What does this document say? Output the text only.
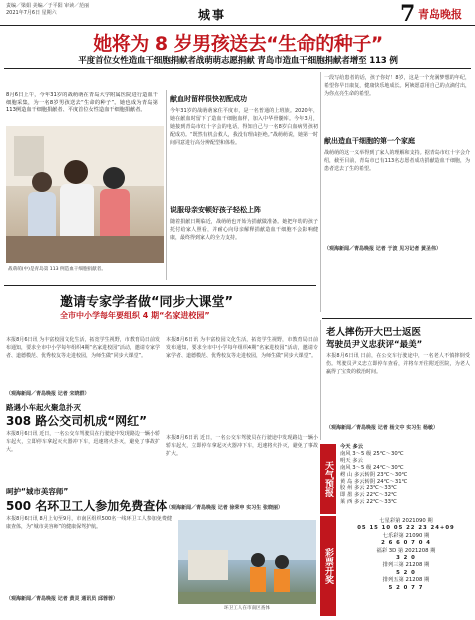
责编／梁娟 美编／于平阳 审读／范丽
2021年7月6日 星期六	城事	7 青岛晚报
她将为 8 岁男孩送去“生命的种子”
平度首位女性造血干细胞捐献者战萌萌志愿捐献 青岛市造血干细胞捐献者增至 113 例
8月6日上午，今年31岁的战萌萌在青岛大学附属医院进行造血干细胞采集，为一名8岁男孩送去“生命的种子”。她也成为青岛第113例造血干细胞捐献者、平度首位女性造血干细胞捐献者。
战萌萌(中)是青岛第 113 例造血干细胞捐献者。
献血时留样很快初配成功
今年31岁的战萌萌家住平度市，是一名普通的上班族。2020年，她在献血时留下了造血干细胞血样，加入中华骨髓库。今年3月，她接到青岛市红十字会的电话，得知自己与一名8岁白血病男孩初配成功。“既然有机会救人，我没有理由拒绝。”战萌萌说，她第一时间同意进行高分辨配型和体检。
说服母亲安顿好孩子轻松上阵
随着捐献日期临近，战萌萌也开始为捐献做准备。她把年幼的孩子托付给家人照看，并耐心向母亲解释捐献造血干细胞不会影响健康，最终得到家人的全力支持。
一段写给患者的话，孩子你好！8岁，这是一个充满梦想的年纪，希望你早日康复，健康快乐地成长。阿姨愿意用自己的点滴付出，为你点亮生命的希望。
献出造血干细胞的第一个家庭
战萌萌的这一义举得到了家人的理解和支持。据青岛市红十字会介绍，截至目前，青岛市已有113名志愿者成功捐献造血干细胞，为患者送去了生的希望。
（观海新闻／青岛晚报 记者 于波 见习记者 黄圣伟）
邀请专家学者做“同步大课堂”
全市中小学每年要组织 4 期“名家进校园”
本报8月6日讯 为丰富校园文化生活，拓宽学生视野，市教育局日前发布通知，要求全市中小学每年组织4期“名家进校园”活动，邀请专家学者、道德模范、优秀校友等走进校园，为师生做“同步大课堂”。
（观海新闻／青岛晚报 记者 宋晓群）
路遇小车起火聚急扑灭
308 路公交司机成“网红”
本报8月6日讯 近日，一名公交车驾驶员在行驶途中发现路边一辆小轿车起火，立即停车拿起灭火器冲下车，迅速将火扑灭，避免了事故扩大。
本报8月6日讯 为丰富校园文化生活，拓宽学生视野，市教育局日前发布通知，要求全市中小学每年组织4期“名家进校园”活动，邀请专家学者、道德模范、优秀校友等走进校园，为师生做“同步大课堂”。
本报8月6日讯 近日，一名公交车驾驶员在行驶途中发现路边一辆小轿车起火，立即停车拿起灭火器冲下车，迅速将火扑灭，避免了事故扩大。
（观海新闻／青岛晚报 记者 徐荣申 实习生 张晓丽）
呵护“城市美容师”
500 名环卫工人参加免费查体
本报8月6日讯 8月上旬至9月，市南区组织500名一线环卫工人参加免费健康查体，为“城市美容师”的健康保驾护航。
（观海新闻／青岛晚报 记者 黄灵 通讯员 邱蓉蓉）
环卫工人在市南区查体
老人摔伤开大巴士返医
驾驶员尹义忠获评“最美”
本报8月6日讯 日前，在公交车行驶途中，一名老人不慎摔倒受伤。驾驶员尹义忠立即停车查看，并将车开往附近医院，为老人赢得了宝贵的救治时间。
（观海新闻／青岛晚报 记者 杨文中 实习生 杨敏）
天气预报
今天 多云
南风 3～5 级 25℃～30℃
明天 多云
南风 3～5 级 24℃～30℃
崂 山 多云转阴 23℃～30℃
黄 岛 多云转阴 24℃～31℃
胶 州 多云 23℃～33℃
即 墨 多云 22℃～32℃
莱 西 多云 22℃～33℃
彩票开奖
七星彩第 2021090 期
05 15 10 05 22 23 24+09
七乐彩第 21090 期
2 6 6 0 7 0 4
福彩 3D 第 2021208 期
3 2 0
排列三第 21208 期
5 2 0
排列五第 21208 期
5 2 0 7 7
